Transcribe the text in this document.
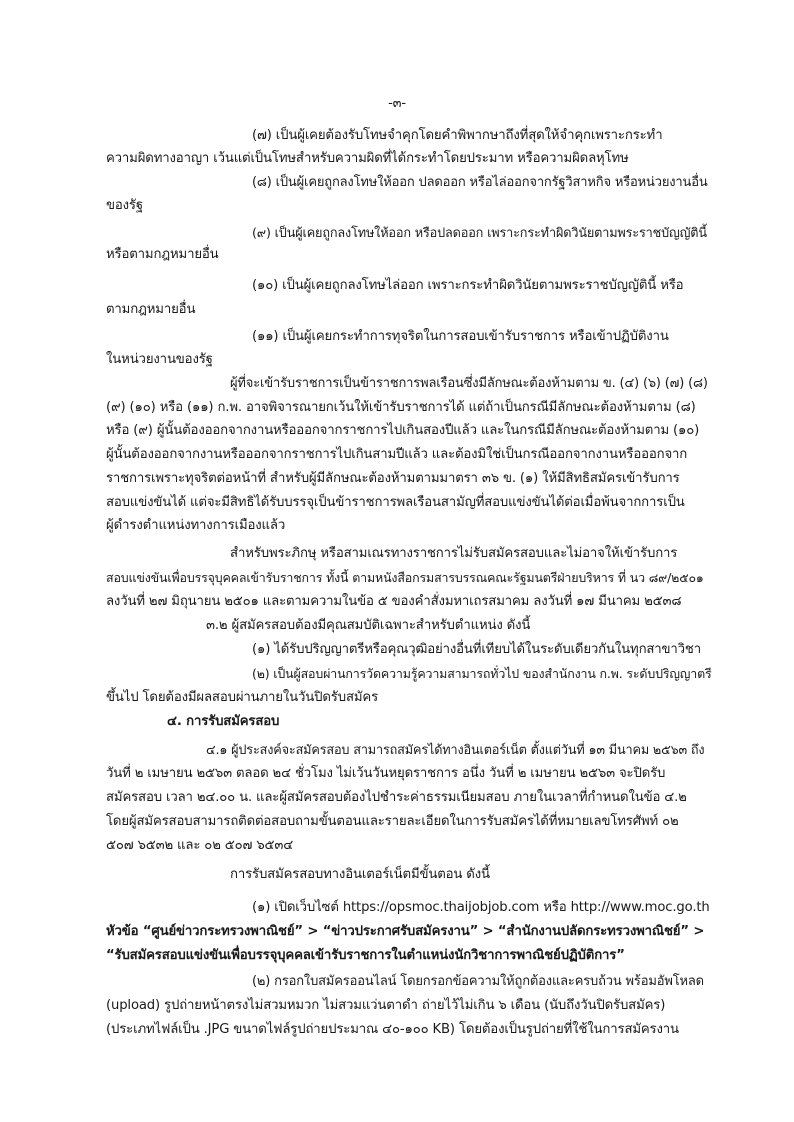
-๓-
(๗) เป็นผู้เคยต้องรับโทษจำคุกโดยคำพิพากษาถึงที่สุดให้จำคุกเพราะกระทำ
ความผิดทางอาญา เว้นแต่เป็นโทษสำหรับความผิดที่ได้กระทำโดยประมาท หรือความผิดลหุโทษ
(๘) เป็นผู้เคยถูกลงโทษให้ออก ปลดออก หรือไล่ออกจากรัฐวิสาหกิจ หรือหน่วยงานอื่น
ของรัฐ
(๙) เป็นผู้เคยถูกลงโทษให้ออก หรือปลดออก เพราะกระทำผิดวินัยตามพระราชบัญญัตินี้
หรือตามกฎหมายอื่น
(๑๐) เป็นผู้เคยถูกลงโทษไล่ออก เพราะกระทำผิดวินัยตามพระราชบัญญัตินี้ หรือ
ตามกฎหมายอื่น
(๑๑) เป็นผู้เคยกระทำการทุจริตในการสอบเข้ารับราชการ หรือเข้าปฏิบัติงาน
ในหน่วยงานของรัฐ
ผู้ที่จะเข้ารับราชการเป็นข้าราชการพลเรือนซึ่งมีลักษณะต้องห้ามตาม ข. (๔) (๖) (๗) (๘)
(๙) (๑๐) หรือ (๑๑) ก.พ. อาจพิจารณายกเว้นให้เข้ารับราชการได้ แต่ถ้าเป็นกรณีมีลักษณะต้องห้ามตาม (๘)
หรือ (๙) ผู้นั้นต้องออกจากงานหรือออกจากราชการไปเกินสองปีแล้ว และในกรณีมีลักษณะต้องห้ามตาม (๑๐)
ผู้นั้นต้องออกจากงานหรือออกจากราชการไปเกินสามปีแล้ว และต้องมิใช่เป็นกรณีออกจากงานหรือออกจาก
ราชการเพราะทุจริตต่อหน้าที่ สำหรับผู้มีลักษณะต้องห้ามตามมาตรา ๓๖ ข. (๑) ให้มีสิทธิสมัครเข้ารับการ
สอบแข่งขันได้ แต่จะมีสิทธิได้รับบรรจุเป็นข้าราชการพลเรือนสามัญที่สอบแข่งขันได้ต่อเมื่อพ้นจากการเป็น
ผู้ดำรงตำแหน่งทางการเมืองแล้ว
สำหรับพระภิกษุ หรือสามเณรทางราชการไม่รับสมัครสอบและไม่อาจให้เข้ารับการ
สอบแข่งขันเพื่อบรรจุบุคคลเข้ารับราชการ ทั้งนี้ ตามหนังสือกรมสารบรรณคณะรัฐมนตรีฝ่ายบริหาร ที่ นว ๘๙/๒๕๐๑
ลงวันที่ ๒๗ มิถุนายน ๒๕๐๑ และตามความในข้อ ๕ ของคำสั่งมหาเถรสมาคม ลงวันที่ ๑๗ มีนาคม ๒๕๓๘
๓.๒ ผู้สมัครสอบต้องมีคุณสมบัติเฉพาะสำหรับตำแหน่ง ดังนี้
(๑) ได้รับปริญญาตรีหรือคุณวุฒิอย่างอื่นที่เทียบได้ในระดับเดียวกันในทุกสาขาวิชา
(๒) เป็นผู้สอบผ่านการวัดความรู้ความสามารถทั่วไป ของสำนักงาน ก.พ. ระดับปริญญาตรี
ขึ้นไป โดยต้องมีผลสอบผ่านภายในวันปิดรับสมัคร
๔. การรับสมัครสอบ
๔.๑ ผู้ประสงค์จะสมัครสอบ สามารถสมัครได้ทางอินเตอร์เน็ต ตั้งแต่วันที่ ๑๓ มีนาคม ๒๕๖๓ ถึง
วันที่ ๒ เมษายน ๒๕๖๓ ตลอด ๒๔ ชั่วโมง ไม่เว้นวันหยุดราชการ อนึ่ง วันที่ ๒ เมษายน ๒๕๖๓ จะปิดรับ
สมัครสอบ เวลา ๒๔.๐๐ น. และผู้สมัครสอบต้องไปชำระค่าธรรมเนียมสอบ ภายในเวลาที่กำหนดในข้อ ๔.๒
โดยผู้สมัครสอบสามารถติดต่อสอบถามขั้นตอนและรายละเอียดในการรับสมัครได้ที่หมายเลขโทรศัพท์ ๐๒
๕๐๗ ๖๕๓๒ และ ๐๒ ๕๐๗ ๖๕๓๔
การรับสมัครสอบทางอินเตอร์เน็ตมีขั้นตอน ดังนี้
(๑) เปิดเว็บไซต์ https://opsmoc.thaijobjob.com หรือ http://www.moc.go.th
หัวข้อ “ศูนย์ข่าวกระทรวงพาณิชย์” > “ข่าวประกาศรับสมัครงาน” > “สำนักงานปลัดกระทรวงพาณิชย์” >
“รับสมัครสอบแข่งขันเพื่อบรรจุบุคคลเข้ารับราชการในตำแหน่งนักวิชาการพาณิชย์ปฏิบัติการ”
(๒) กรอกใบสมัครออนไลน์ โดยกรอกข้อความให้ถูกต้องและครบถ้วน พร้อมอัพโหลด
(upload) รูปถ่ายหน้าตรงไม่สวมหมวก ไม่สวมแว่นตาดำ ถ่ายไว้ไม่เกิน ๖ เดือน (นับถึงวันปิดรับสมัคร)
(ประเภทไฟล์เป็น .JPG ขนาดไฟล์รูปถ่ายประมาณ ๔๐-๑๐๐ KB) โดยต้องเป็นรูปถ่ายที่ใช้ในการสมัครงาน
